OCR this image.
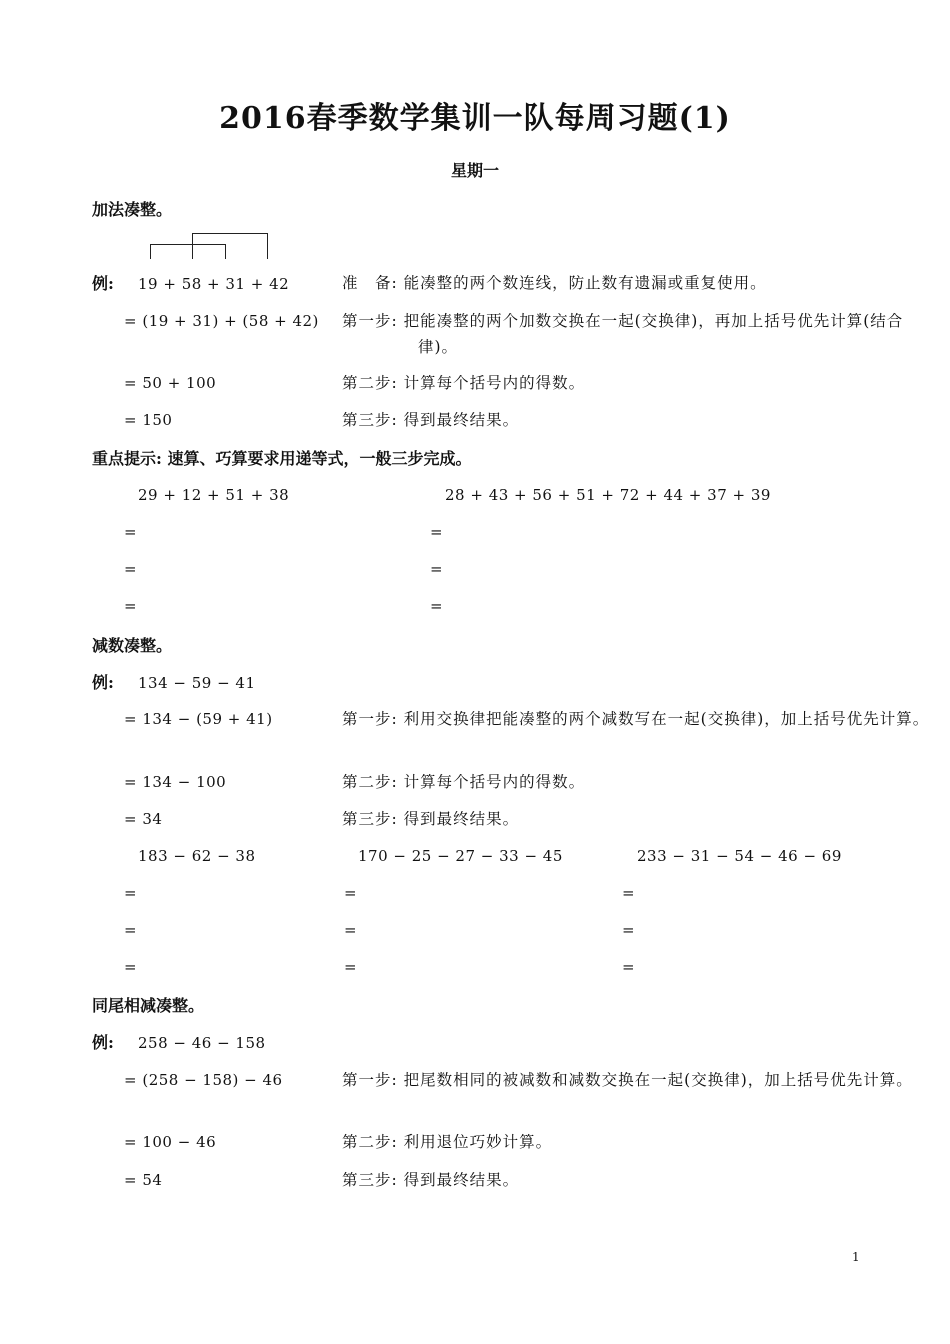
2016春季数学集训一队每周习题(1)
星期一
加法凑整。
例: 19 + 58 + 31 + 42
= (19 + 31) + (58 + 42)
= 50 + 100
= 150
准　备: 能凑整的两个数连线，防止数有遗漏或重复使用。
第一步: 把能凑整的两个加数交换在一起(交换律)，再加上括号优先计算(结合律)。
第二步: 计算每个括号内的得数。
第三步: 得到最终结果。
重点提示: 速算、巧算要求用递等式，一般三步完成。
29 + 12 + 51 + 38
=
=
=
28 + 43 + 56 + 51 + 72 + 44 + 37 + 39
=
=
=
减数凑整。
例: 134 − 59 − 41
= 134 − (59 + 41)
= 134 − 100
= 34
第一步: 利用交换律把能凑整的两个减数写在一起(交换律)，加上括号优先计算。
第二步: 计算每个括号内的得数。
第三步: 得到最终结果。
183 − 62 − 38
=
=
=
170 − 25 − 27 − 33 − 45
=
=
=
233 − 31 − 54 − 46 − 69
=
=
=
同尾相减凑整。
例: 258 − 46 − 158
= (258 − 158) − 46
= 100 − 46
= 54
第一步: 把尾数相同的被减数和减数交换在一起(交换律)，加上括号优先计算。
第二步: 利用退位巧妙计算。
第三步: 得到最终结果。
1
